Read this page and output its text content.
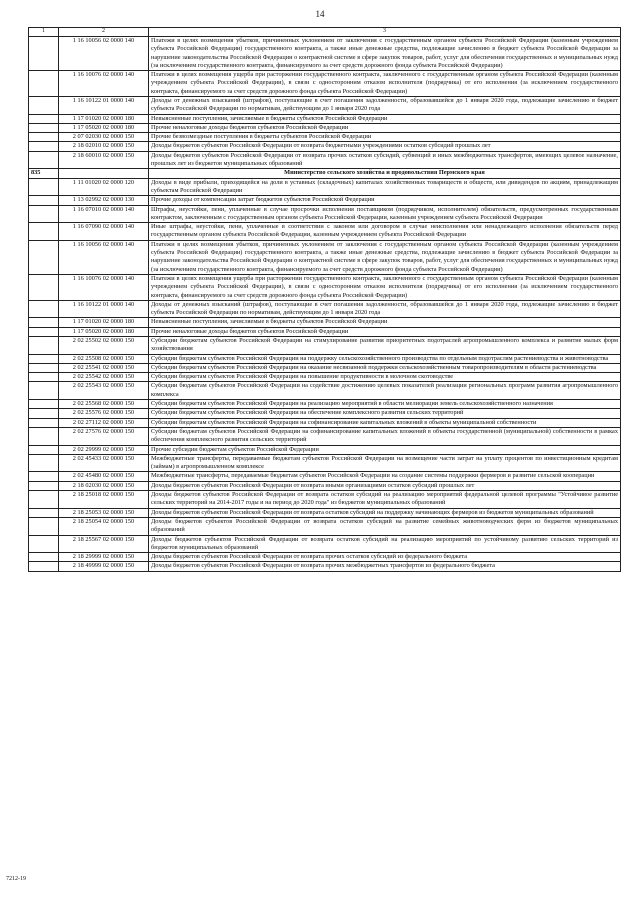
14
1	2	3
	1 16 10056 02 0000 140	Платежи в целях возмещения убытков, причиненных уклонением от заключения с государственным органом субъекта Российской Федерации (казенным учреждением субъекта Российской Федерации) государственного контракта, а также иные денежные средства, подлежащие зачислению в бюджет субъекта Российской Федерации за нарушение законодательства Российской Федерации о контрактной системе в сфере закупок товаров, работ, услуг для обеспечения государственных и муниципальных нужд (за исключением государственного контракта, финансируемого за счет средств дорожного фонда субъекта Российской Федерации)
	1 16 10076 02 0000 140	Платежи в целях возмещения ущерба при расторжении государственного контракта, заключенного с государственным органом субъекта Российской Федерации (казенным учреждением субъекта Российской Федерации), в связи с односторонним отказом исполнителя (подрядчика) от его исполнения (за исключением государственного контракта, финансируемого за счет средств дорожного фонда субъекта Российской Федерации)
	1 16 10122 01 0000 140	Доходы от денежных взысканий (штрафов), поступающие в счет погашения задолженности, образовавшейся до 1 января 2020 года, подлежащие зачислению в бюджет субъекта Российской Федерации по нормативам, действующим до 1 января 2020 года
	1 17 01020 02 0000 180	Невыясненные поступления, зачисляемые в бюджеты субъектов Российской Федерации
	1 17 05020 02 0000 180	Прочие неналоговые доходы бюджетов субъектов Российской Федерации
	2 07 02030 02 0000 150	Прочие безвозмездные поступления в бюджеты субъектов Российской Федерации
	2 18 02010 02 0000 150	Доходы бюджетов субъектов Российской Федерации от возврата бюджетными учреждениями остатков субсидий прошлых лет
	2 18 60010 02 0000 150	Доходы бюджетов субъектов Российской Федерации от возврата прочих остатков субсидий, субвенций и иных межбюджетных трансфертов, имеющих целевое назначение, прошлых лет из бюджетов муниципальных образований
835		Министерство сельского хозяйства и продовольствия Пермского края
	1 11 01020 02 0000 120	Доходы в виде прибыли, приходящейся на доли в уставных (складочных) капиталах хозяйственных товариществ и обществ, или дивидендов по акциям, принадлежащим субъектам Российской Федерации
	1 13 02992 02 0000 130	Прочие доходы от компенсации затрат бюджетов субъектов Российской Федерации
	1 16 07010 02 0000 140	Штрафы, неустойки, пени, уплаченные в случае просрочки исполнения поставщиком (подрядчиком, исполнителем) обязательств, предусмотренных государственным контрактом, заключенным с государственным органом субъекта Российской Федерации, казенным учреждением субъекта Российской Федерации
	1 16 07090 02 0000 140	Иные штрафы, неустойки, пени, уплаченные в соответствии с законом или договором в случае неисполнения или ненадлежащего исполнения обязательств перед государственным органом субъекта Российской Федерации, казенным учреждением субъекта Российской Федерации
	1 16 10056 02 0000 140	Платежи в целях возмещения убытков, причиненных уклонением от заключения с государственным органом субъекта Российской Федерации (казенным учреждением субъекта Российской Федерации) государственного контракта, а также иные денежные средства, подлежащие зачислению в бюджет субъекта Российской Федерации за нарушение законодательства Российской Федерации о контрактной системе в сфере закупок товаров, работ, услуг для обеспечения государственных и муниципальных нужд (за исключением государственного контракта, финансируемого за счет средств дорожного фонда субъекта Российской Федерации)
	1 16 10076 02 0000 140	Платежи в целях возмещения ущерба при расторжении государственного контракта, заключенного с государственным органом субъекта Российской Федерации (казенным учреждением субъекта Российской Федерации), в связи с односторонним отказом исполнителя (подрядчика) от его исполнения (за исключением государственного контракта, финансируемого за счет средств дорожного фонда субъекта Российской Федерации)
	1 16 10122 01 0000 140	Доходы от денежных взысканий (штрафов), поступающие в счет погашения задолженности, образовавшейся до 1 января 2020 года, подлежащие зачислению в бюджет субъекта Российской Федерации по нормативам, действующим до 1 января 2020 года
	1 17 01020 02 0000 180	Невыясненные поступления, зачисляемые в бюджеты субъектов Российской Федерации
	1 17 05020 02 0000 180	Прочие неналоговые доходы бюджетов субъектов Российской Федерации
	2 02 25502 02 0000 150	Субсидии бюджетам субъектов Российской Федерации на стимулирование развития приоритетных подотраслей агропромышленного комплекса и развитие малых форм хозяйствования
	2 02 25508 02 0000 150	Субсидии бюджетам субъектов Российской Федерации на поддержку сельскохозяйственного производства по отдельным подотраслям растениеводства и животноводства
	2 02 25541 02 0000 150	Субсидии бюджетам субъектов Российской Федерации на оказание несвязанной поддержки сельскохозяйственным товаропроизводителям в области растениеводства
	2 02 25542 02 0000 150	Субсидии бюджетам субъектов Российской Федерации на повышение продуктивности в молочном скотоводстве
	2 02 25543 02 0000 150	Субсидии бюджетам субъектов Российской Федерации на содействие достижению целевых показателей реализации региональных программ развития агропромышленного комплекса
	2 02 25568 02 0000 150	Субсидии бюджетам субъектов Российской Федерации на реализацию мероприятий в области мелиорации земель сельскохозяйственного назначения
	2 02 25576 02 0000 150	Субсидии бюджетам субъектов Российской Федерации на обеспечение комплексного развития сельских территорий
	2 02 27112 02 0000 150	Субсидии бюджетам субъектов Российской Федерации на софинансирование капитальных вложений в объекты муниципальной собственности
	2 02 27576 02 0000 150	Субсидии бюджетам субъектов Российской Федерации на софинансирование капитальных вложений в объекты государственной (муниципальной) собственности в рамках обеспечения комплексного развития сельских территорий
	2 02 29999 02 0000 150	Прочие субсидии бюджетам субъектов Российской Федерации
	2 02 45433 02 0000 150	Межбюджетные трансферты, передаваемые бюджетам субъектов Российской Федерации на возмещение части затрат на уплату процентов по инвестиционным кредитам (займам) в агропромышленном комплексе
	2 02 45480 02 0000 150	Межбюджетные трансферты, передаваемые бюджетам субъектов Российской Федерации на создание системы поддержки фермеров и развитие сельской кооперации
	2 18 02030 02 0000 150	Доходы бюджетов субъектов Российской Федерации от возврата иными организациями остатков субсидий прошлых лет
	2 18 25018 02 0000 150	Доходы бюджетов субъектов Российской Федерации от возврата остатков субсидий на реализацию мероприятий федеральной целевой программы "Устойчивое развитие сельских территорий на 2014-2017 годы и на период до 2020 года" из бюджетов муниципальных образований
	2 18 25053 02 0000 150	Доходы бюджетов субъектов Российской Федерации от возврата остатков субсидий на поддержку начинающих фермеров из бюджетов муниципальных образований
	2 18 25054 02 0000 150	Доходы бюджетов субъектов Российской Федерации от возврата остатков субсидий на развитие семейных животноводческих ферм из бюджетов муниципальных образований
	2 18 25567 02 0000 150	Доходы бюджетов субъектов Российской Федерации от возврата остатков субсидий на реализацию мероприятий по устойчивому развитию сельских территорий из бюджетов муниципальных образований
	2 18 29999 02 0000 150	Доходы бюджетов субъектов Российской Федерации от возврата прочих остатков субсидий из федерального бюджета
	2 18 49999 02 0000 150	Доходы бюджетов субъектов Российской Федерации от возврата прочих межбюджетных трансфертов из федерального бюджета
7212-19
